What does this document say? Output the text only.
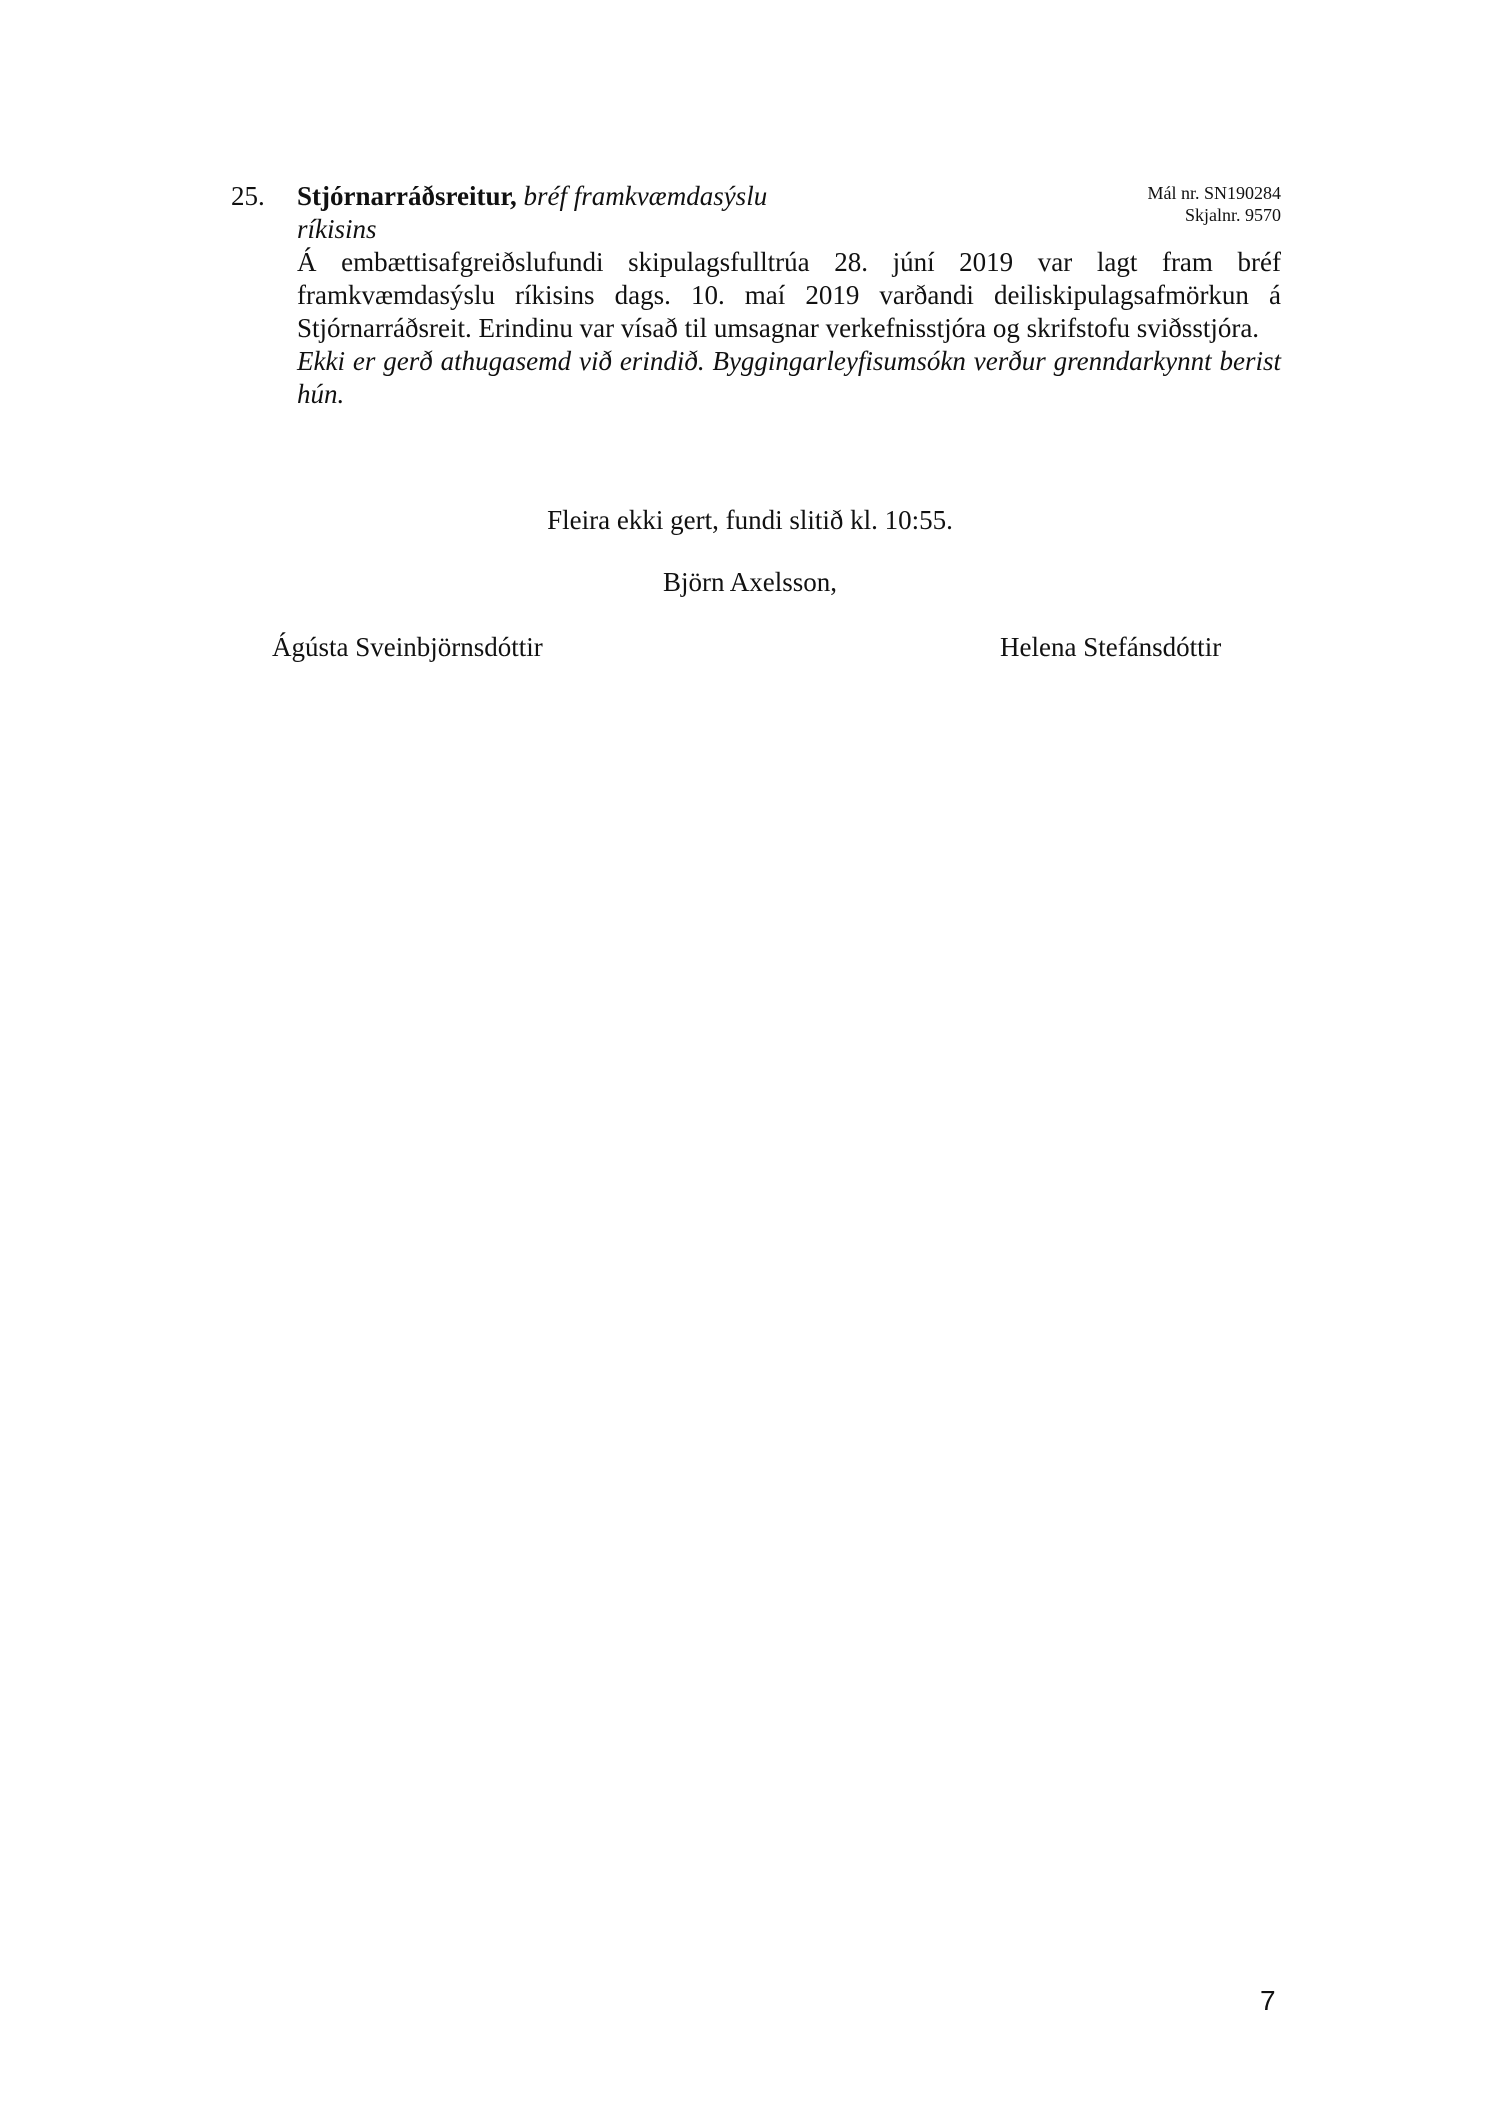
25. Stjórnarráðsreitur, bréf framkvæmdasýslu ríkisins
Mál nr. SN190284
Skjalnr. 9570

Á embættisafgreiðslufundi skipulagsfulltrúa 28. júní 2019 var lagt fram bréf framkvæmdasýslu ríkisins dags. 10. maí 2019 varðandi deiliskipulagsafmörkun á Stjórnarráðsreit. Erindinu var vísað til umsagnar verkefnisstjóra og skrifstofu sviðsstjóra.

Ekki er gerð athugasemd við erindið. Byggingarleyfisumsókn verður grenndarkynnt berist hún.

Fleira ekki gert, fundi slitið kl. 10:55.
Björn Axelsson,
Ágústa Sveinbjörnsdóttir	Helena Stefánsdóttir
7
